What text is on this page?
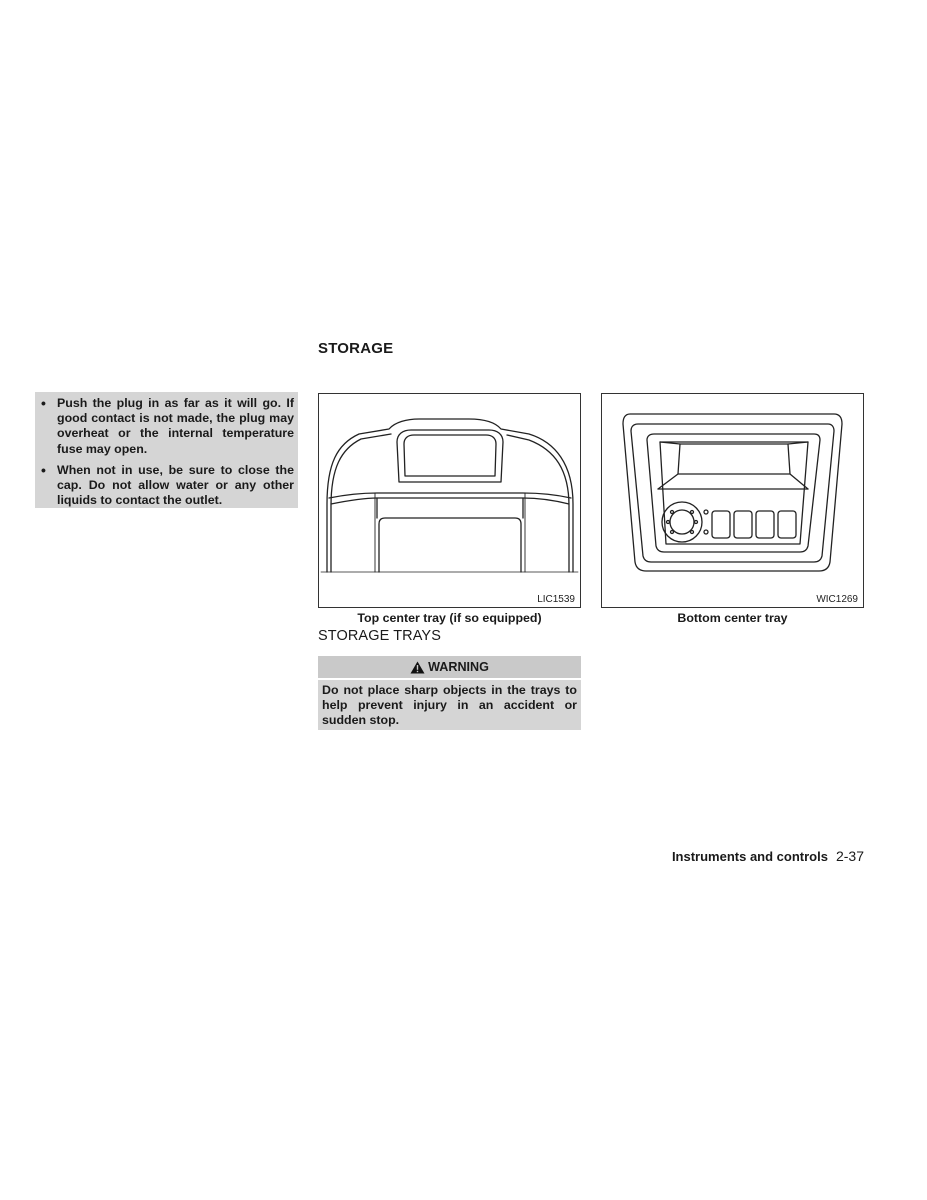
• Push the plug in as far as it will go. If good contact is not made, the plug may overheat or the internal temperature fuse may open.
• When not in use, be sure to close the cap. Do not allow water or any other liquids to contact the outlet.
STORAGE
LIC1539	WIC1269
Top center tray (if so equipped)	Bottom center tray
STORAGE TRAYS
WARNING
Do not place sharp objects in the trays to help prevent injury in an accident or sudden stop.
Instruments and controls 2-37
